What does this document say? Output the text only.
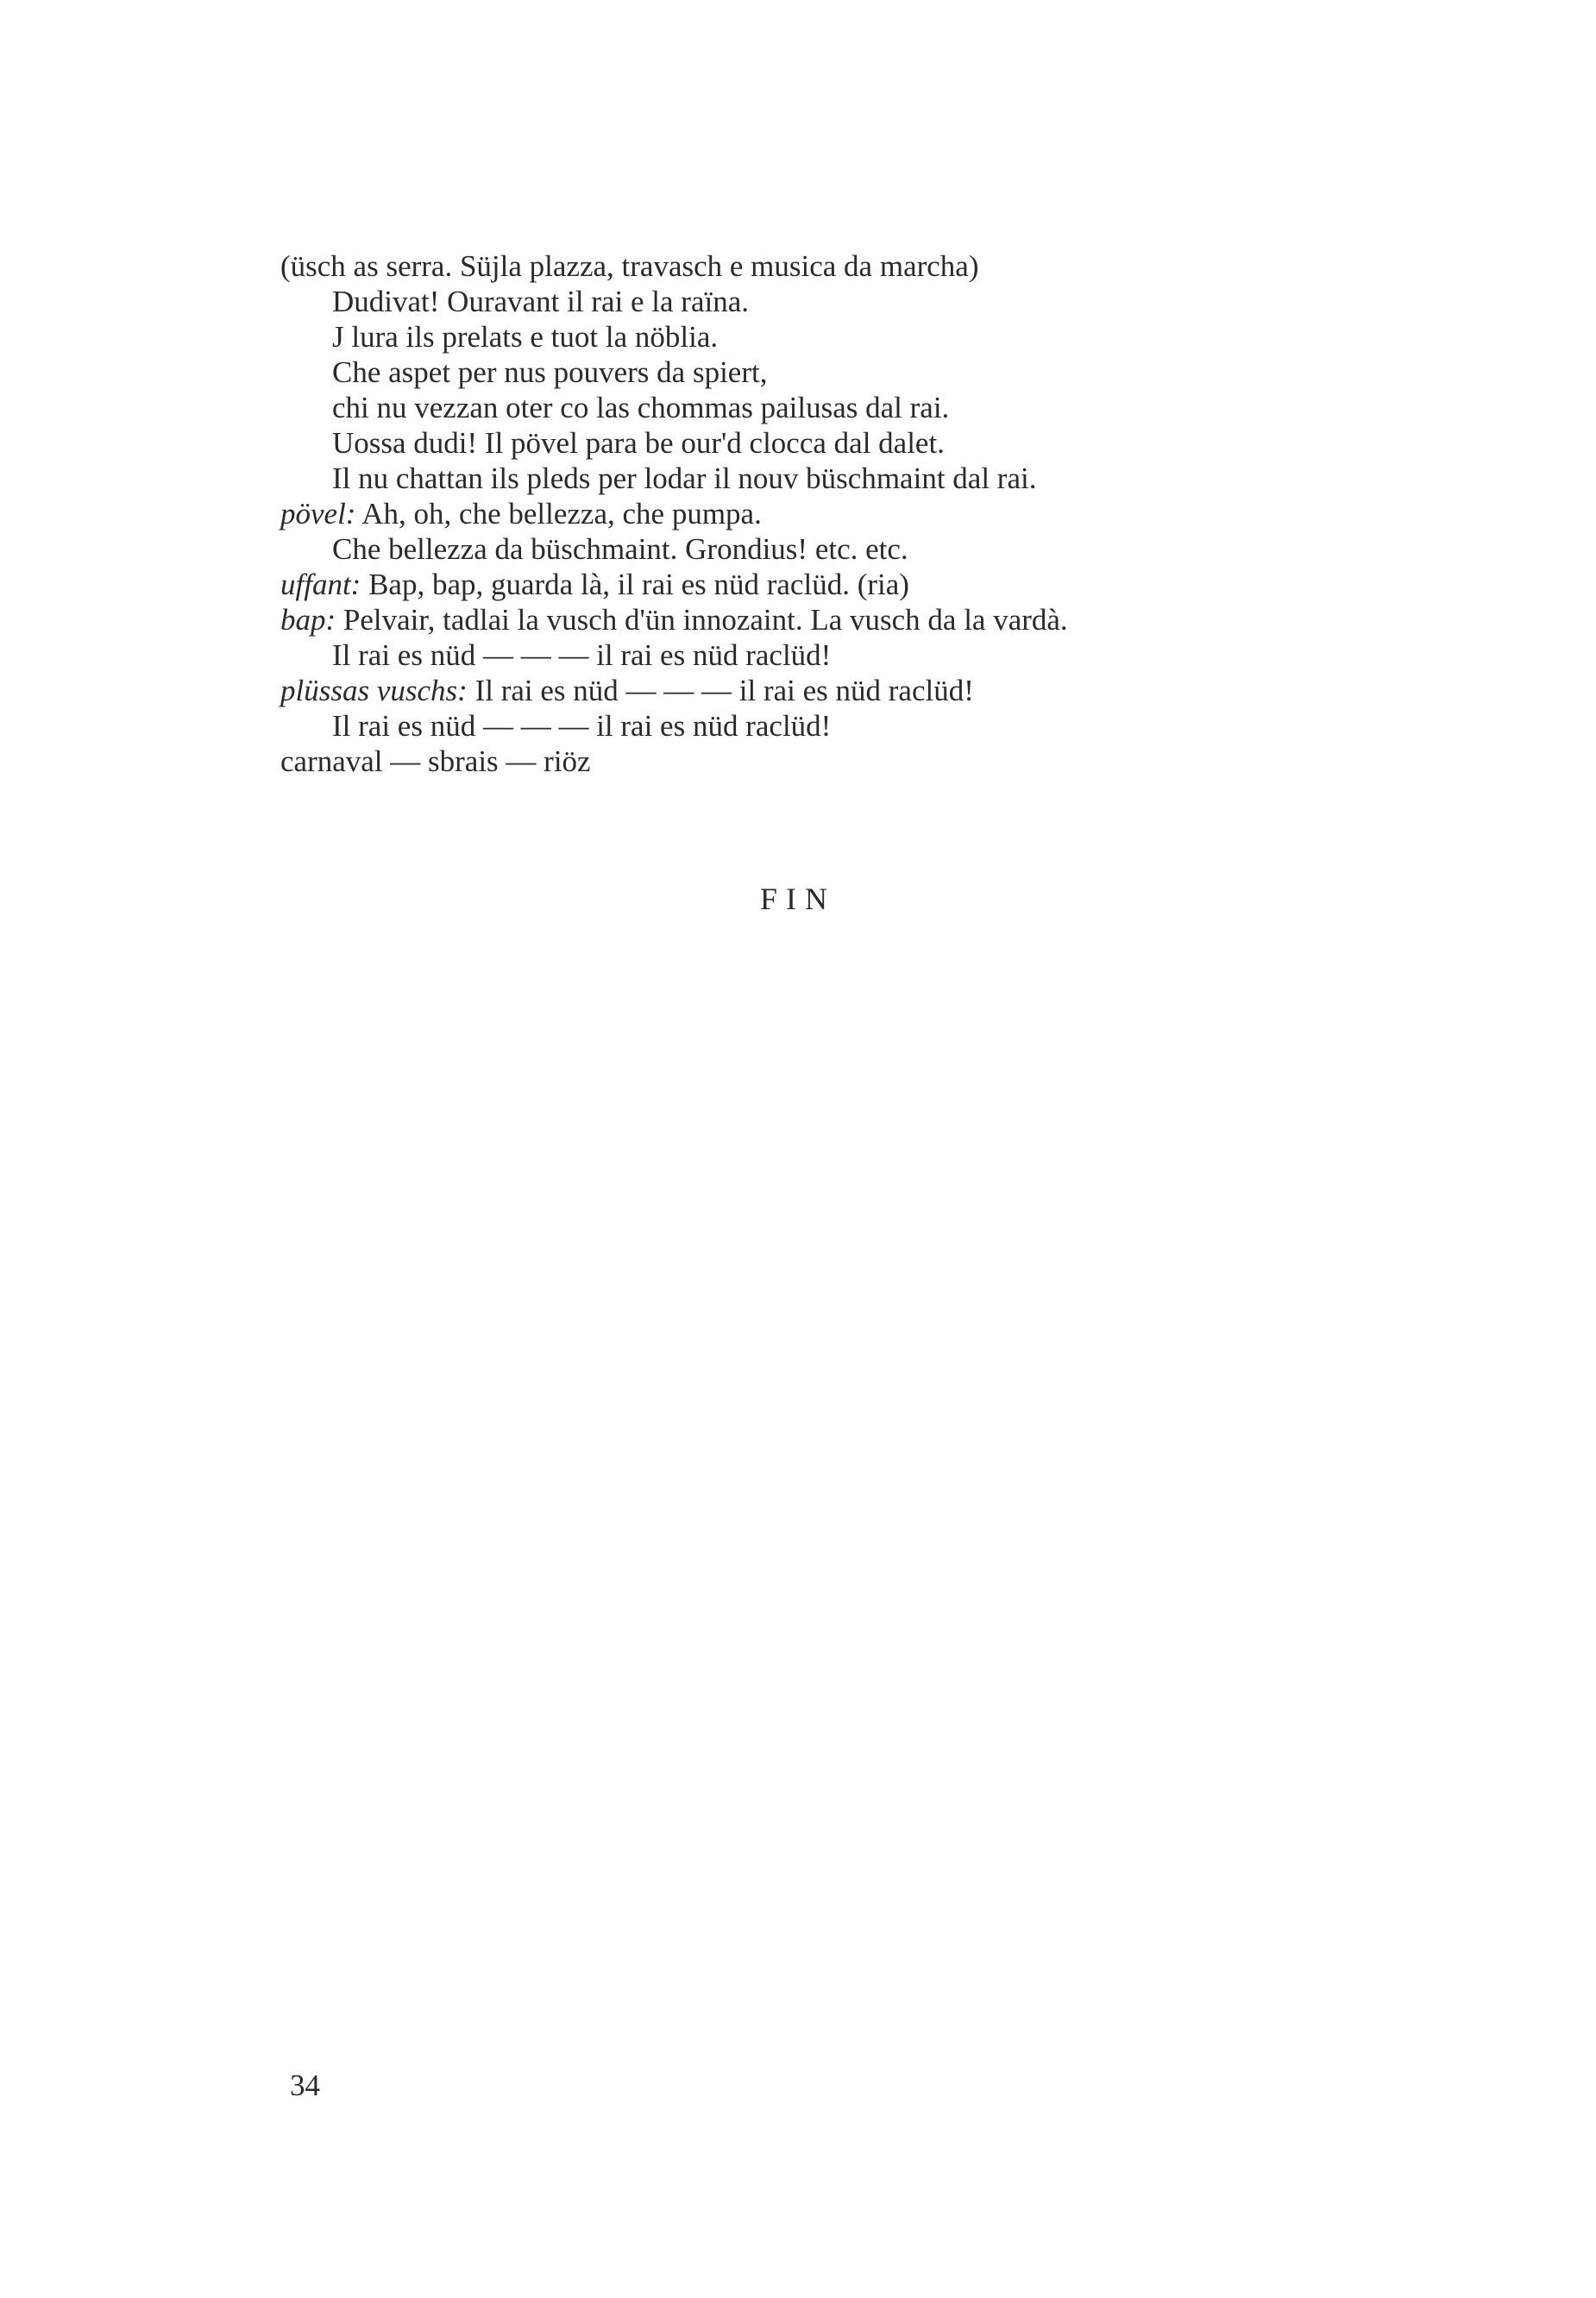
(üsch as serra. Süjla plazza, travasch e musica da marcha)
Dudivat! Ouravant il rai e la raïna.
J lura ils prelats e tuot la nöblia.
Che aspet per nus pouvers da spiert,
chi nu vezzan oter co las chommas pailusas dal rai.
Uossa dudi! Il pövel para be our'd clocca dal dalet.
Il nu chattan ils pleds per lodar il nouv büschmaint dal rai.
pövel: Ah, oh, che bellezza, che pumpa.
Che bellezza da büschmaint. Grondius! etc. etc.
uffant: Bap, bap, guarda là, il rai es nüd raclüd. (ria)
bap: Pelvair, tadlai la vusch d'ün innozaint. La vusch da la vardà.
Il rai es nüd — — — il rai es nüd raclüd!
plüssas vuschs: Il rai es nüd — — — il rai es nüd raclüd!
Il rai es nüd — — — il rai es nüd raclüd!
carnaval — sbrais — riöz
FIN
34
